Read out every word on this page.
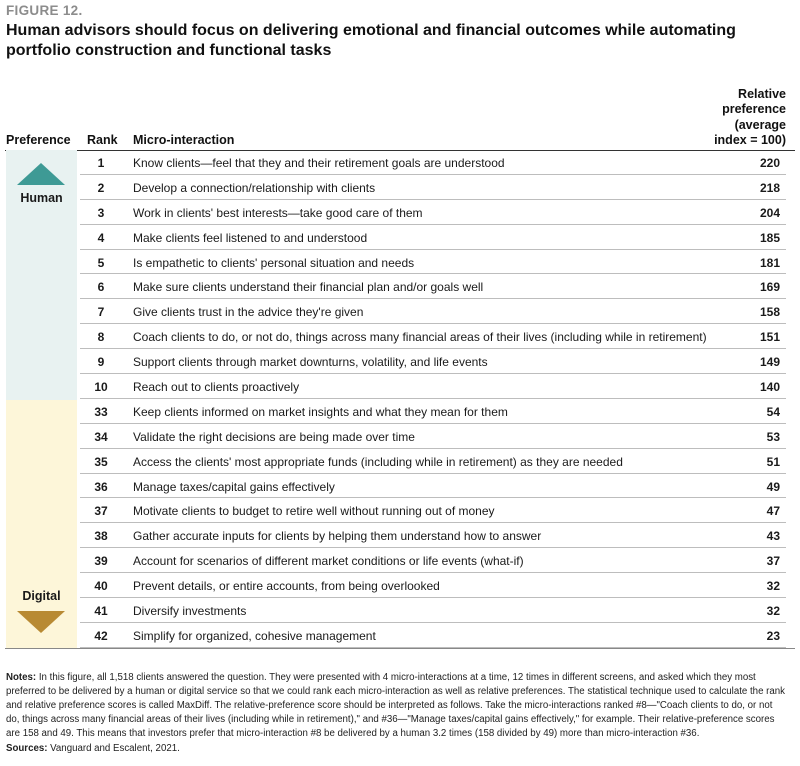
FIGURE 12.
Human advisors should focus on delivering emotional and financial outcomes while automating portfolio construction and functional tasks
Preference Rank Micro-interaction
Relative
preference
(average
index = 100)
Human
Digital
1	Know clients—feel that they and their retirement goals are understood	220
2	Develop a connection/relationship with clients	218
3	Work in clients' best interests—take good care of them	204
4	Make clients feel listened to and understood	185
5	Is empathetic to clients' personal situation and needs	181
6	Make sure clients understand their financial plan and/or goals well	169
7	Give clients trust in the advice they're given	158
8	Coach clients to do, or not do, things across many financial areas of their lives (including while in retirement)	151
9	Support clients through market downturns, volatility, and life events	149
10	Reach out to clients proactively	140
33	Keep clients informed on market insights and what they mean for them	54
34	Validate the right decisions are being made over time	53
35	Access the clients' most appropriate funds (including while in retirement) as they are needed	51
36	Manage taxes/capital gains effectively	49
37	Motivate clients to budget to retire well without running out of money	47
38	Gather accurate inputs for clients by helping them understand how to answer	43
39	Account for scenarios of different market conditions or life events (what-if)	37
40	Prevent details, or entire accounts, from being overlooked	32
41	Diversify investments	32
42	Simplify for organized, cohesive management	23
Notes: In this figure, all 1,518 clients answered the question. They were presented with 4 micro-interactions at a time, 12 times in different screens, and asked which they most preferred to be delivered by a human or digital service so that we could rank each micro-interaction as well as relative preferences. The statistical technique used to calculate the rank and relative preference scores is called MaxDiff. The relative-preference score should be interpreted as follows. Take the micro-interactions ranked #8—"Coach clients to do, or not do, things across many financial areas of their lives (including while in retirement)," and #36—"Manage taxes/capital gains effectively," for example. Their relative-preference scores are 158 and 49. This means that investors prefer that micro-interaction #8 be delivered by a human 3.2 times (158 divided by 49) more than micro-interaction #36.
Sources: Vanguard and Escalent, 2021.
